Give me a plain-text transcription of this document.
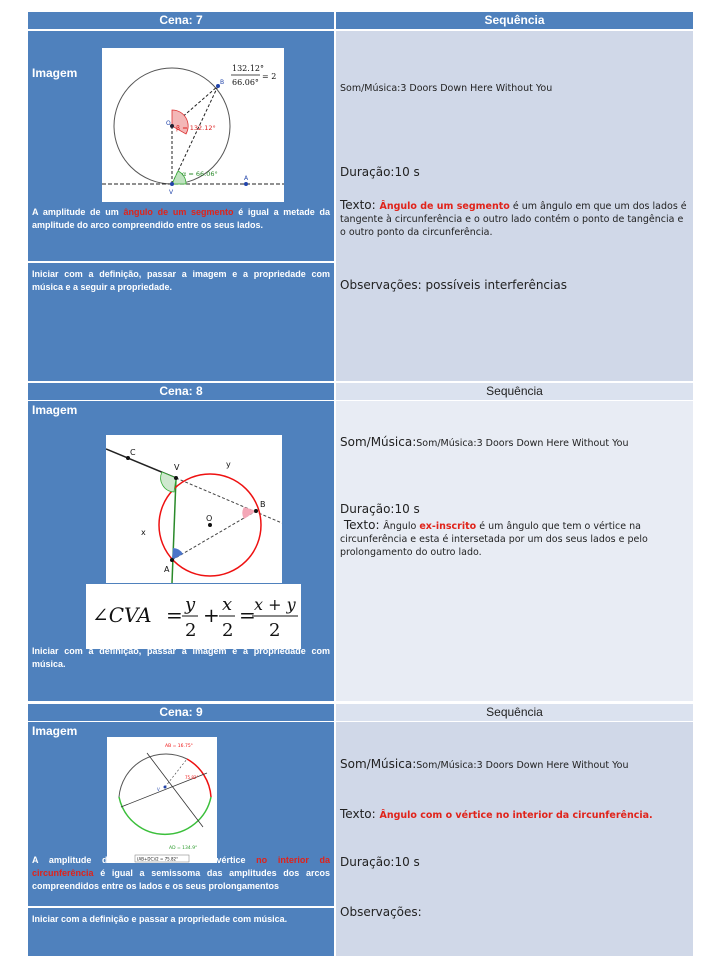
Cena: 7	Sequência
Imagem	132.12°
66.06°
= 2
β = 132.12°
α = 66.06°
O
B
V
A
A amplitude de um ângulo de um segmento é igual a metade da amplitude do arco compreendido entre os seus lados.
Iniciar com a definição, passar a imagem e a propriedade com música e a seguir a propriedade.
Som/Música:3 Doors Down Here Without You
Duração:10 s
Texto: Ângulo de um segmento é um ângulo em que um dos lados é tangente à circunferência e o outro lado contém o ponto de tangência e o outro ponto da circunferência.
Observações: possíveis interferências
Cena: 8	Sequência
Imagem
C
V	y
x
O
B
A
∠CVA = y
2
+ x
2
=
x + y
2
Iniciar com a definição, passar a imagem e a propriedade com música.
Som/Música:Som/Música:3 Doors Down Here Without You
Duração:10 s
Texto: Ângulo ex-inscrito é um ângulo que tem o vértice na circunferência e esta é intersetada por um dos seus lados e pelo prolongamento do outro lado.
Cena: 9	Sequência
Imagem
AB = 16.75°
AD = 134.9°
75.82°
V
(AB+DC)/2 = 75.82°
A amplitude de	vértice no interior da circunferência é igual a semissoma das amplitudes dos arcos compreendidos entre os lados e os seus prolongamentos
Iniciar com a definição e passar a propriedade com música.
Som/Música:Som/Música:3 Doors Down Here Without You
Texto: Ângulo com o vértice no interior da circunferência.
Duração:10 s
Observações:
